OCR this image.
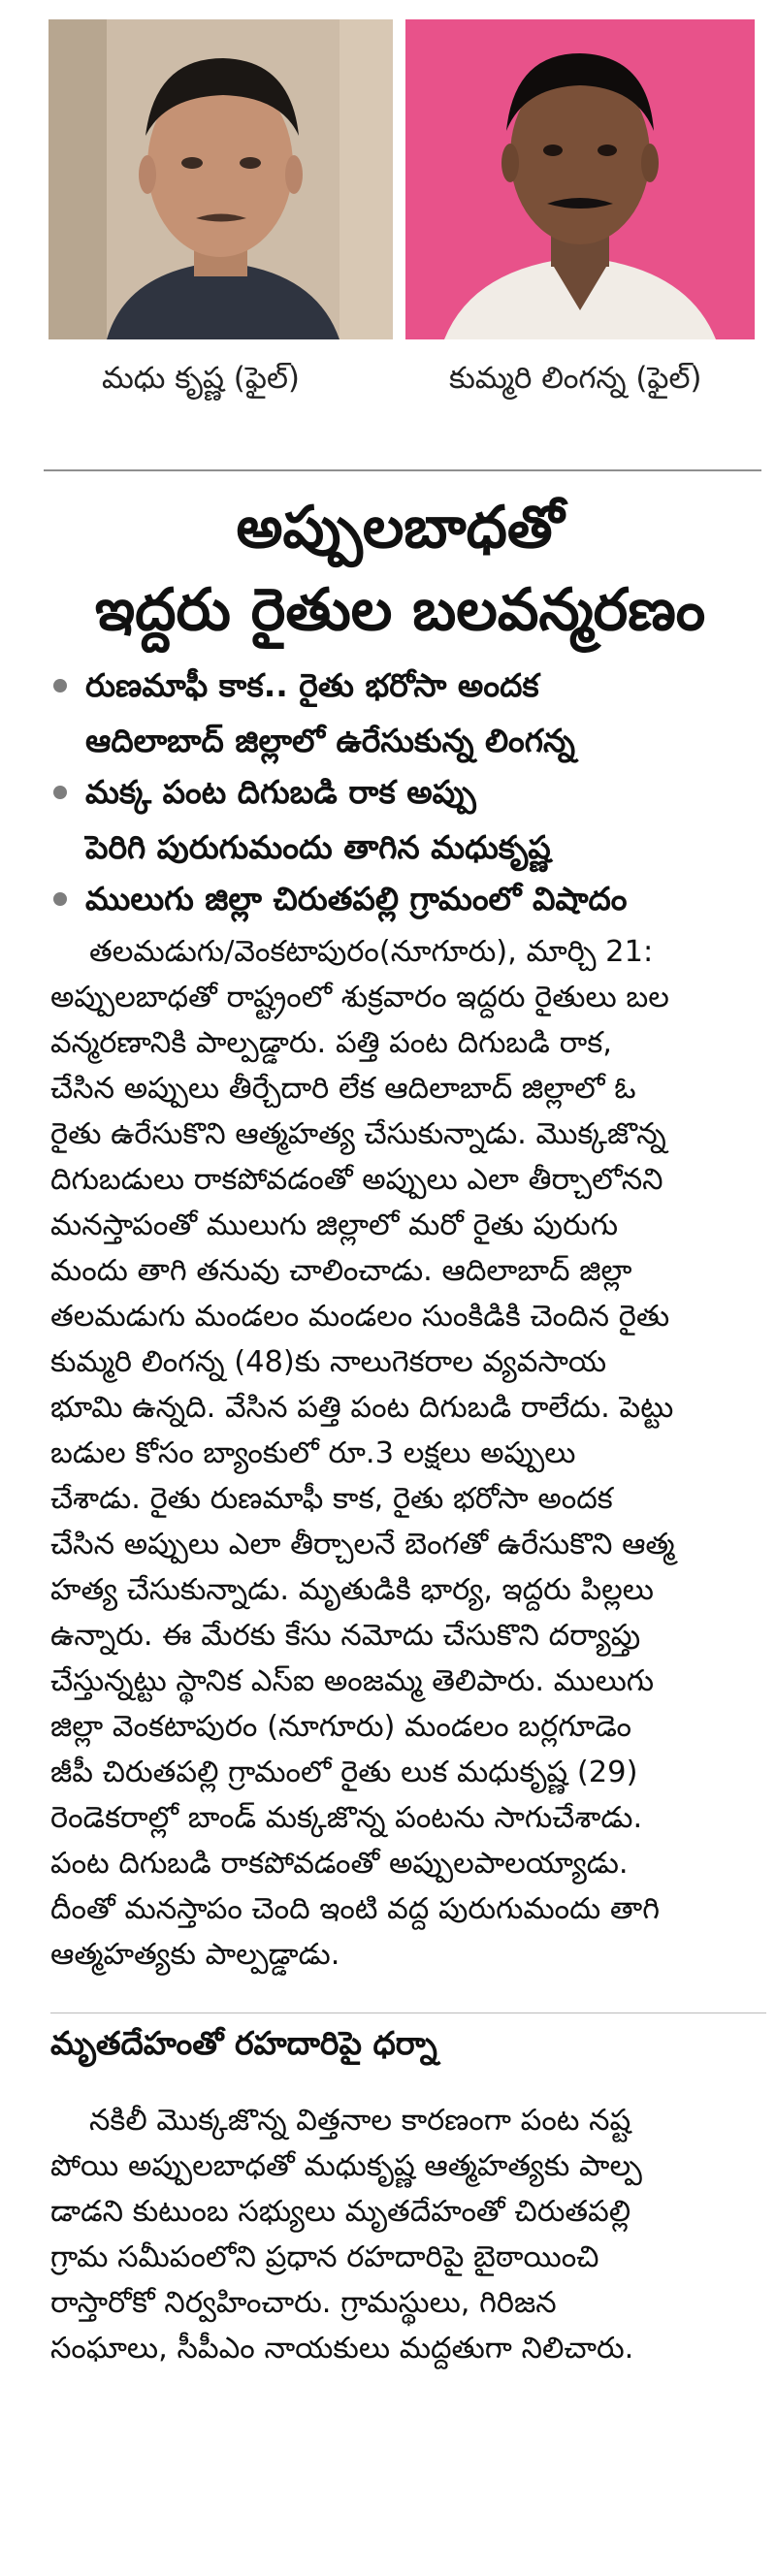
మధు కృష్ణ (ఫైల్)	కుమ్మరి లింగన్న (ఫైల్)
అప్పులబాధతో
ఇద్దరు రైతుల బలవన్మరణం
రుణమాఫీ కాక.. రైతు భరోసా అందక
ఆదిలాబాద్ జిల్లాలో ఉరేసుకున్న లింగన్న
మక్క పంట దిగుబడి రాక అప్పు
పెరిగి పురుగుమందు తాగిన మధుకృష్ణ
ములుగు జిల్లా చిరుతపల్లి గ్రామంలో విషాదం
తలమడుగు/వెంకటాపురం(నూగూరు), మార్చి 21:
అప్పులబాధతో రాష్ట్రంలో శుక్రవారం ఇద్దరు రైతులు బల
వన్మరణానికి పాల్పడ్డారు. పత్తి పంట దిగుబడి రాక,
చేసిన అప్పులు తీర్చేదారి లేక ఆదిలాబాద్ జిల్లాలో ఓ
రైతు ఉరేసుకొని ఆత్మహత్య చేసుకున్నాడు. మొక్కజొన్న
దిగుబడులు రాకపోవడంతో అప్పులు ఎలా తీర్చాలోనని
మనస్తాపంతో ములుగు జిల్లాలో మరో రైతు పురుగు
మందు తాగి తనువు చాలించాడు. ఆదిలాబాద్ జిల్లా
తలమడుగు మండలం మండలం సుంకిడికి చెందిన రైతు
కుమ్మరి లింగన్న (48)కు నాలుగెకరాల వ్యవసాయ
భూమి ఉన్నది. వేసిన పత్తి పంట దిగుబడి రాలేదు. పెట్టు
బడుల కోసం బ్యాంకులో రూ.3 లక్షలు అప్పులు
చేశాడు. రైతు రుణమాఫీ కాక, రైతు భరోసా అందక
చేసిన అప్పులు ఎలా తీర్చాలనే బెంగతో ఉరేసుకొని ఆత్మ
హత్య చేసుకున్నాడు. మృతుడికి భార్య, ఇద్దరు పిల్లలు
ఉన్నారు. ఈ మేరకు కేసు నమోదు చేసుకొని దర్యాప్తు
చేస్తున్నట్టు స్థానిక ఎస్ఐ అంజమ్మ తెలిపారు. ములుగు
జిల్లా వెంకటాపురం (నూగూరు) మండలం బర్లగూడెం
జీపీ చిరుతపల్లి గ్రామంలో రైతు లుక మధుకృష్ణ (29)
రెండెకరాల్లో బాండ్ మక్కజొన్న పంటను సాగుచేశాడు.
పంట దిగుబడి రాకపోవడంతో అప్పులపాలయ్యాడు.
దీంతో మనస్తాపం చెంది ఇంటి వద్ద పురుగుమందు తాగి
ఆత్మహత్యకు పాల్పడ్డాడు.
మృతదేహంతో రహదారిపై ధర్నా
నకిలీ మొక్కజొన్న విత్తనాల కారణంగా పంట నష్ట
పోయి అప్పులబాధతో మధుకృష్ణ ఆత్మహత్యకు పాల్ప
డాడని కుటుంబ సభ్యులు మృతదేహంతో చిరుతపల్లి
గ్రామ సమీపంలోని ప్రధాన రహదారిపై బైఠాయించి
రాస్తారోకో నిర్వహించారు. గ్రామస్థులు, గిరిజన
సంఘాలు, సీపీఎం నాయకులు మద్దతుగా నిలిచారు.
